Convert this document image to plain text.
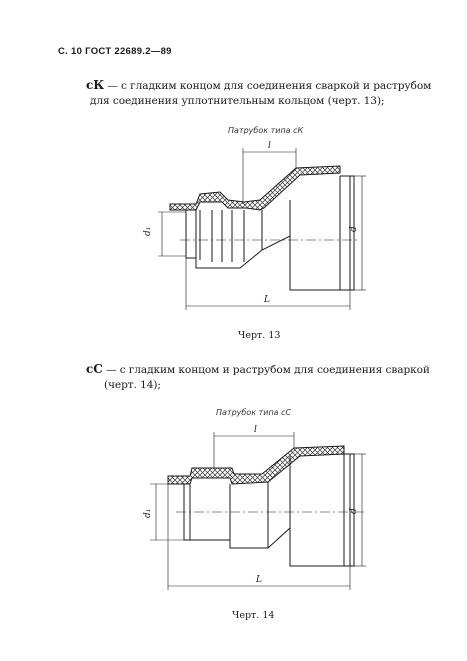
С. 10 ГОСТ 22689.2—89
сК — с гладким концом для соединения сваркой и раструбом
для соединения уплотнительным кольцом (черт. 13);
Патрубок типа сК
Черт. 13
сС — с гладким концом и раструбом для соединения сваркой
(черт. 14);
Патрубок типа сС
Черт. 14
l
L
d₁	d
l
L
d₁	d
